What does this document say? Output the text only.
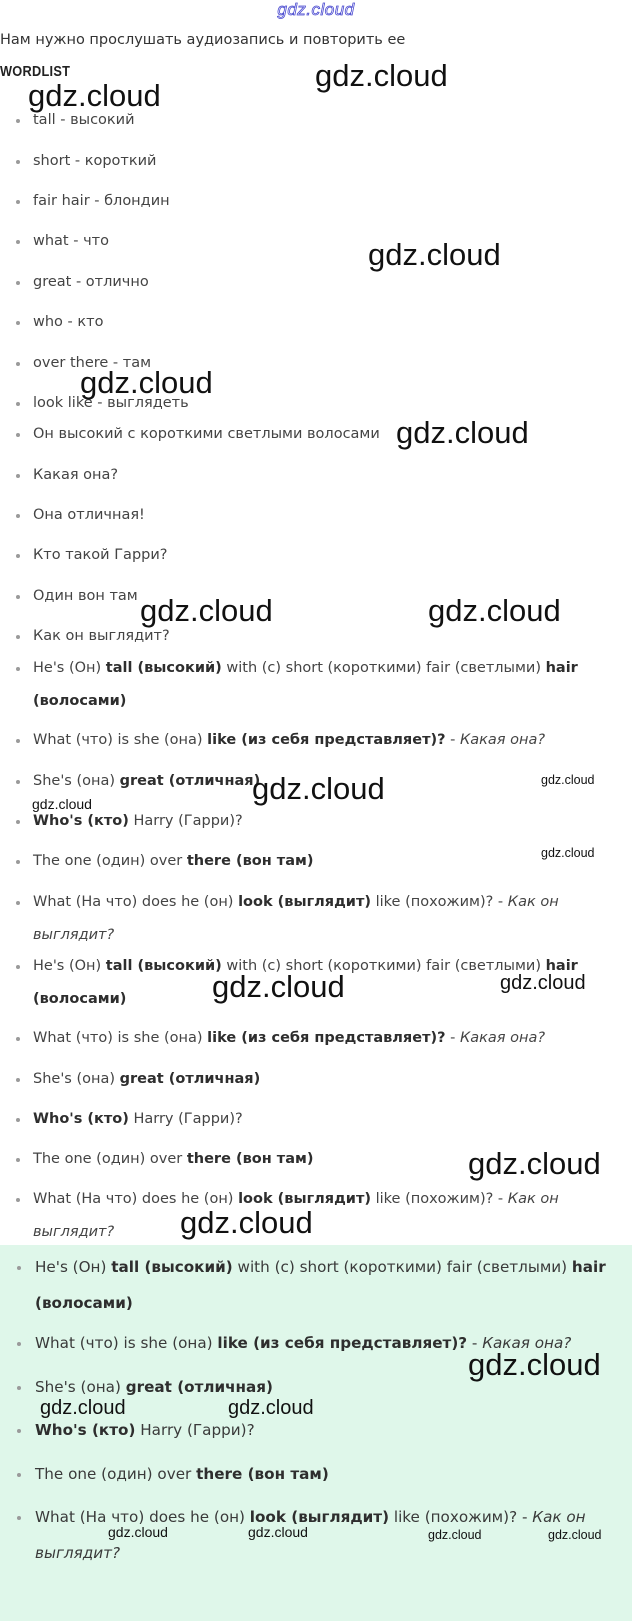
gdz.cloud
Нам нужно прослушать аудиозапись и повторить ее
WORDLIST
tall - высокий
short - короткий
fair hair - блондин
what - что
great - отлично
who - кто
over there - там
look like - выглядеть
Он высокий с короткими светлыми волосами
Какая она?
Она отличная!
Кто такой Гарри?
Один вон там
Как он выглядит?
He's (Он) tall (высокий) with (с) short (короткими) fair (светлыми) hair
(волосами)
What (что) is she (она) like (из себя представляет)? - Какая она?
She's (она) great (отличная)
Who's (кто) Harry (Гарри)?
The one (один) over there (вон там)
What (На что) does he (он) look (выглядит) like (похожим)? - Как он выглядит?
He's (Он) tall (высокий) with (с) short (короткими) fair (светлыми) hair
(волосами)
What (что) is she (она) like (из себя представляет)? - Какая она?
She's (она) great (отличная)
Who's (кто) Harry (Гарри)?
The one (один) over there (вон там)
What (На что) does he (он) look (выглядит) like (похожим)? - Как он выглядит?
He's (Он) tall (высокий) with (с) short (короткими) fair (светлыми) hair
(волосами)
What (что) is she (она) like (из себя представляет)? - Какая она?
She's (она) great (отличная)
Who's (кто) Harry (Гарри)?
The one (один) over there (вон там)
What (На что) does he (он) look (выглядит) like (похожим)? - Как он выглядит?
gdz.cloud
gdz.cloud
gdz.cloud
gdz.cloud
gdz.cloud
gdz.cloud	gdz.cloud
gdz.cloud	gdz.cloud
gdz.cloud
gdz.cloud
gdz.cloud	gdz.cloud
gdz.cloud
gdz.cloud
gdz.cloud
gdz.cloud	gdz.cloud
gdz.cloud	gdz.cloud	gdz.cloud	gdz.cloud
